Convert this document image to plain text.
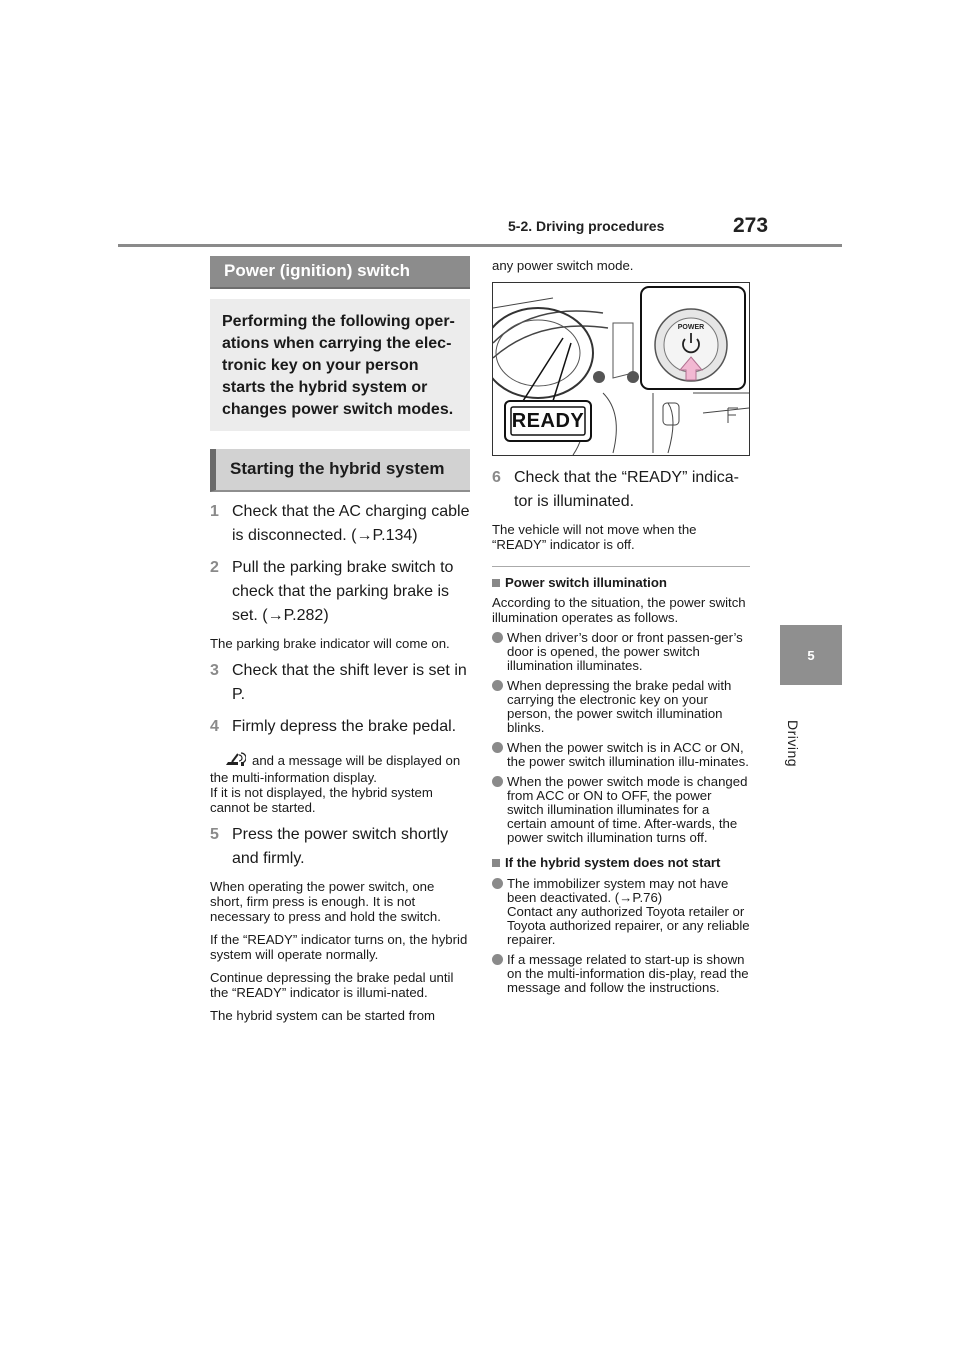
5-2. Driving procedures	273
5
Driving
Power (ignition) switch
Performing the following oper-ations when carrying the elec-tronic key on your person starts the hybrid system or changes power switch modes.
Starting the hybrid system
1 Check that the AC charging cable is disconnected. (→P.134)
2 Pull the parking brake switch to check that the parking brake is set. (→P.282)
The parking brake indicator will come on.
3 Check that the shift lever is set in P.
4 Firmly depress the brake pedal.
and a message will be displayed on the multi-information display.
If it is not displayed, the hybrid system cannot be started.
5 Press the power switch shortly and firmly.
When operating the power switch, one short, firm press is enough. It is not necessary to press and hold the switch.
If the “READY” indicator turns on, the hybrid system will operate normally.
Continue depressing the brake pedal until the “READY” indicator is illumi-nated.
The hybrid system can be started from
any power switch mode.
READY
POWER
6 Check that the “READY” indica-tor is illuminated.
The vehicle will not move when the “READY” indicator is off.
Power switch illumination
According to the situation, the power switch illumination operates as follows.
When driver’s door or front passen-ger’s door is opened, the power switch illumination illuminates.
When depressing the brake pedal with carrying the electronic key on your person, the power switch illumination blinks.
When the power switch is in ACC or ON, the power switch illumination illu-minates.
When the power switch mode is changed from ACC or ON to OFF, the power switch illumination illuminates for a certain amount of time. After-wards, the power switch illumination turns off.
If the hybrid system does not start
The immobilizer system may not have been deactivated. (→P.76)
Contact any authorized Toyota retailer or Toyota authorized repairer, or any reliable repairer.
If a message related to start-up is shown on the multi-information dis-play, read the message and follow the instructions.
